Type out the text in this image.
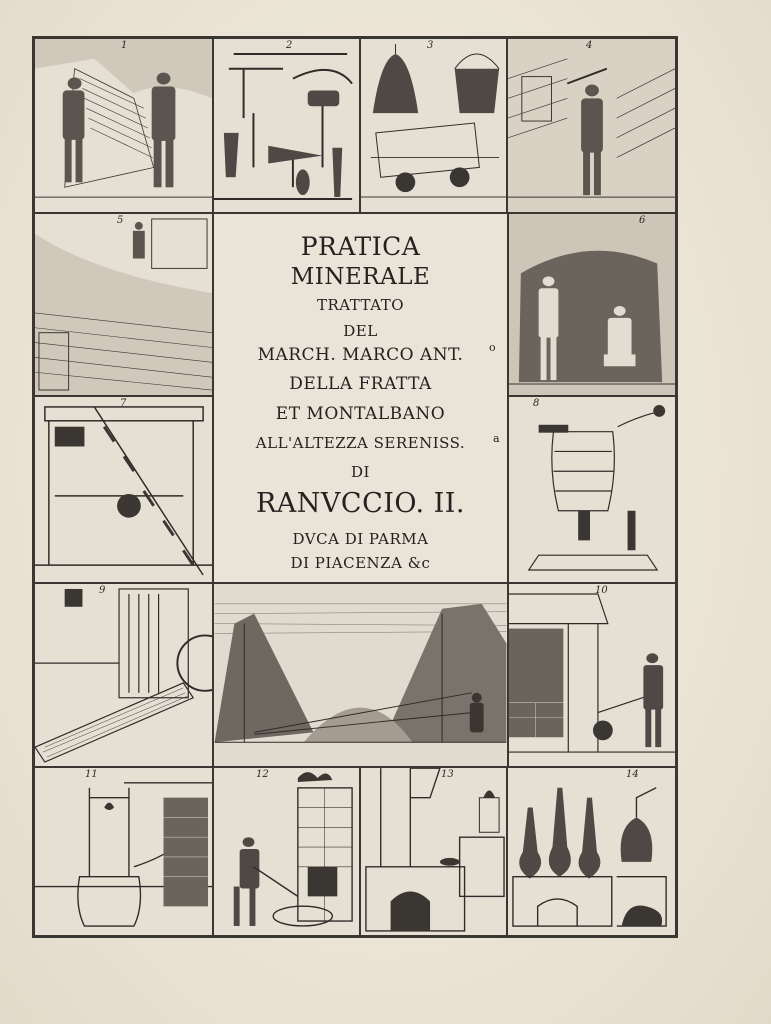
1	2	3	4
5
PRATICA
MINERALE
TRATTATO
DEL
MARCH. MARCO ANT.	o
DELLA FRATTA
ET MONTALBANO
ALL'ALTEZZA SERENISS.	a
DI
RANVCCIO. II.
DVCA DI PARMA
DI PIACENZA &c
6
7	8
9	10
11	12	13	14
